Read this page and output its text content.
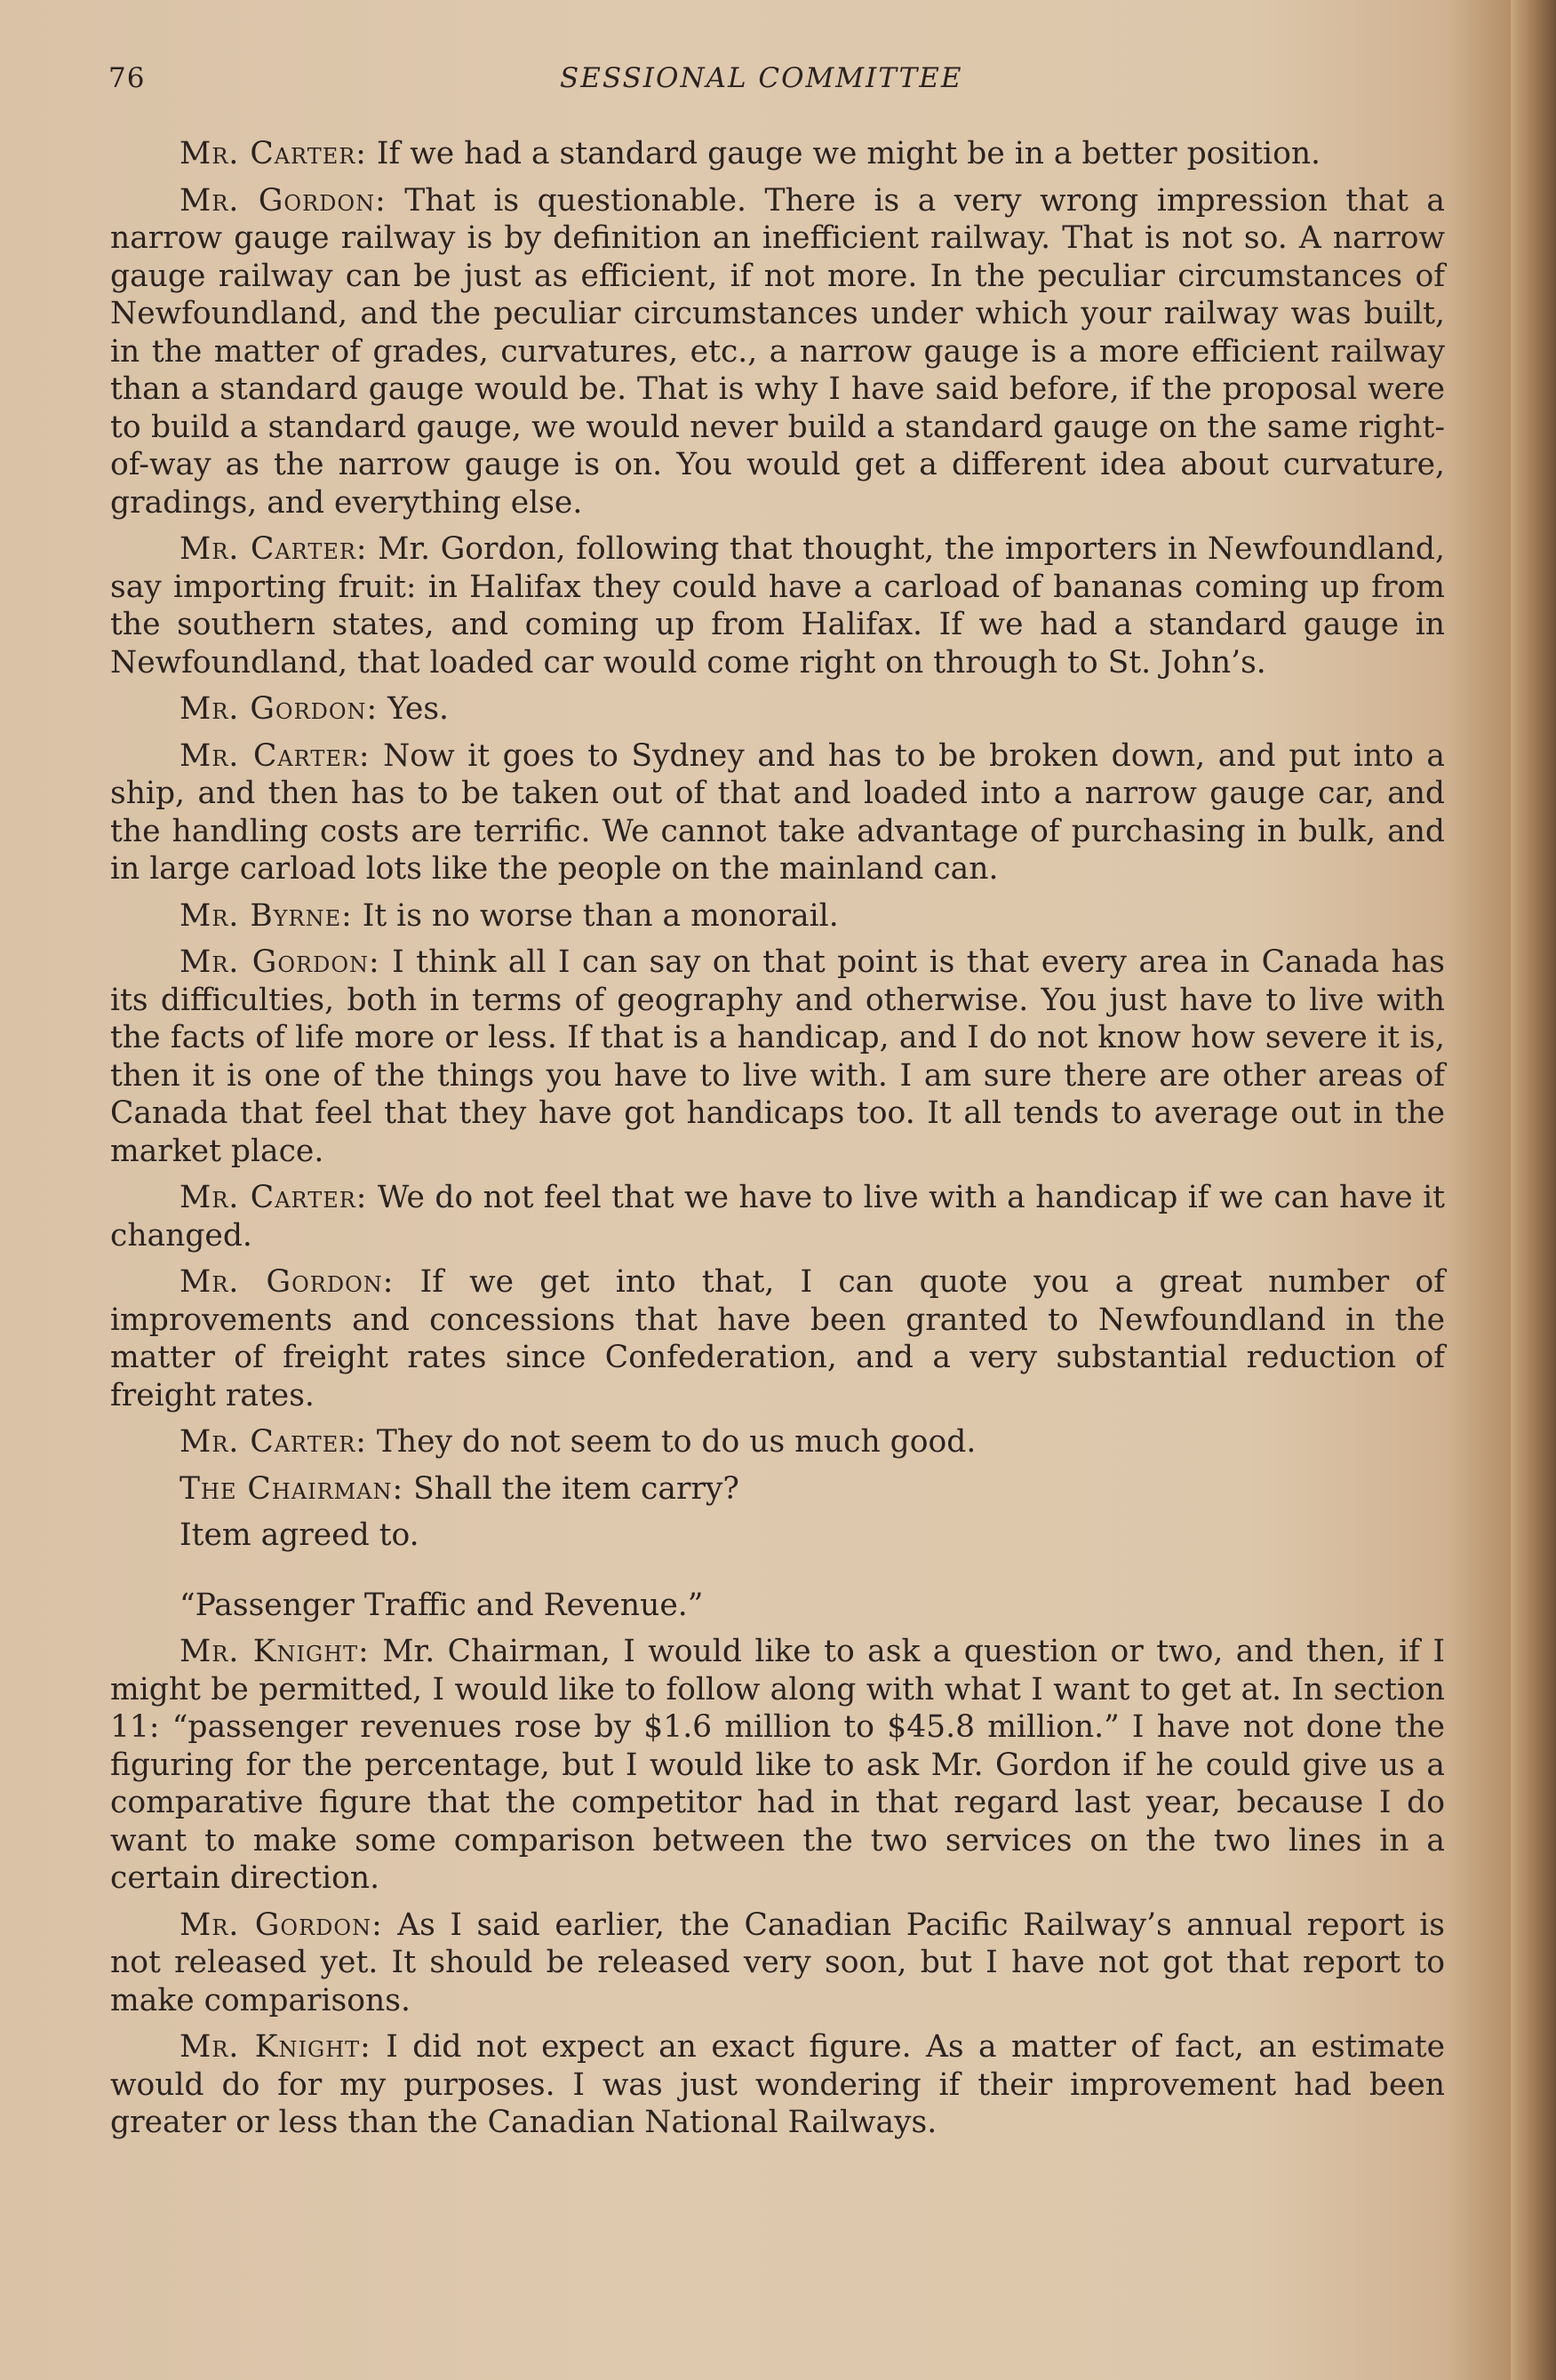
76	SESSIONAL COMMITTEE

Mr. Carter: If we had a standard gauge we might be in a better position.

Mr. Gordon: That is questionable. There is a very wrong impression that a narrow gauge railway is by definition an inefficient railway. That is not so. A narrow gauge railway can be just as efficient, if not more. In the peculiar circumstances of Newfoundland, and the peculiar circumstances under which your railway was built, in the matter of grades, curvatures, etc., a narrow gauge is a more efficient railway than a standard gauge would be. That is why I have said before, if the proposal were to build a standard gauge, we would never build a standard gauge on the same right-of-way as the narrow gauge is on. You would get a different idea about curvature, gradings, and everything else.

Mr. Carter: Mr. Gordon, following that thought, the importers in Newfoundland, say importing fruit: in Halifax they could have a carload of bananas coming up from the southern states, and coming up from Halifax. If we had a standard gauge in Newfoundland, that loaded car would come right on through to St. John’s.

Mr. Gordon: Yes.

Mr. Carter: Now it goes to Sydney and has to be broken down, and put into a ship, and then has to be taken out of that and loaded into a narrow gauge car, and the handling costs are terrific. We cannot take advantage of purchasing in bulk, and in large carload lots like the people on the mainland can.

Mr. Byrne: It is no worse than a monorail.

Mr. Gordon: I think all I can say on that point is that every area in Canada has its difficulties, both in terms of geography and otherwise. You just have to live with the facts of life more or less. If that is a handicap, and I do not know how severe it is, then it is one of the things you have to live with. I am sure there are other areas of Canada that feel that they have got handicaps too. It all tends to average out in the market place.

Mr. Carter: We do not feel that we have to live with a handicap if we can have it changed.

Mr. Gordon: If we get into that, I can quote you a great number of improvements and concessions that have been granted to Newfoundland in the matter of freight rates since Confederation, and a very substantial reduction of freight rates.

Mr. Carter: They do not seem to do us much good.

The Chairman: Shall the item carry?

Item agreed to.

“Passenger Traffic and Revenue.”

Mr. Knight: Mr. Chairman, I would like to ask a question or two, and then, if I might be permitted, I would like to follow along with what I want to get at. In section 11: “passenger revenues rose by $1.6 million to $45.8 million.” I have not done the figuring for the percentage, but I would like to ask Mr. Gordon if he could give us a comparative figure that the competitor had in that regard last year, because I do want to make some comparison between the two services on the two lines in a certain direction.

Mr. Gordon: As I said earlier, the Canadian Pacific Railway’s annual report is not released yet. It should be released very soon, but I have not got that report to make comparisons.

Mr. Knight: I did not expect an exact figure. As a matter of fact, an estimate would do for my purposes. I was just wondering if their improvement had been greater or less than the Canadian National Railways.
